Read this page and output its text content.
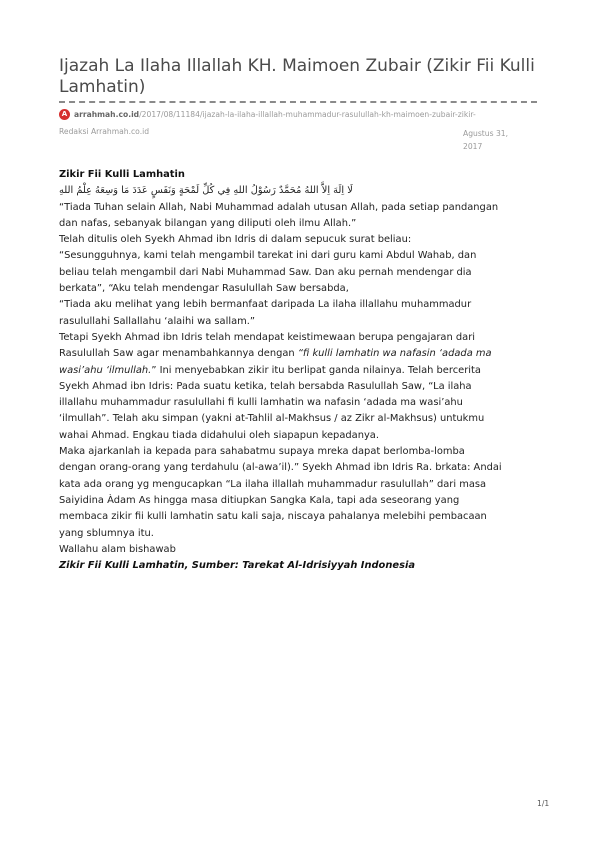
Ijazah La Ilaha Illallah KH. Maimoen Zubair (Zikir Fii Kulli Lamhatin)
A arrahmah.co.id /2017/08/11184/ijazah-la-ilaha-illallah-muhammadur-rasulullah-kh-maimoen-zubair-zikir-
Redaksi Arrahmah.co.id	Agustus 31,
2017

Zikir Fii Kulli Lamhatin

لَا اِلَهَ اِلاَّ اللهُ مُحَمَّدٌ رَسُوْلُ اللهِ فِي كُلِّ لَمْحَةٍ وَنَفَسٍ عَدَدَ مَا وَسِعَهُ عِلْمُ اللهِ

“Tiada Tuhan selain Allah, Nabi Muhammad adalah utusan Allah, pada setiap pandangan

dan nafas, sebanyak bilangan yang diliputi oleh ilmu Allah.”

Telah ditulis oleh Syekh Ahmad ibn Idris di dalam sepucuk surat beliau:

“Sesungguhnya, kami telah mengambil tarekat ini dari guru kami Abdul Wahab, dan

beliau telah mengambil dari Nabi Muhammad Saw. Dan aku pernah mendengar dia

berkata”, “Aku telah mendengar Rasulullah Saw bersabda,

“Tiada aku melihat yang lebih bermanfaat daripada La ilaha illallahu muhammadur

rasulullahi Sallallahu ‘alaihi wa sallam.”

Tetapi Syekh Ahmad ibn Idris telah mendapat keistimewaan berupa pengajaran dari

Rasulullah Saw agar menambahkannya dengan “fi kulli lamhatin wa nafasin ‘adada ma

wasi’ahu ‘ilmullah.” Ini menyebabkan zikir itu berlipat ganda nilainya. Telah bercerita

Syekh Ahmad ibn Idris: Pada suatu ketika, telah bersabda Rasulullah Saw, “La ilaha

illallahu muhammadur rasulullahi fi kulli lamhatin wa nafasin ‘adada ma wasi’ahu

‘ilmullah”. Telah aku simpan (yakni at-Tahlil al-Makhsus / az Zikr al-Makhsus) untukmu

wahai Ahmad. Engkau tiada didahului oleh siapapun kepadanya.

Maka ajarkanlah ia kepada para sahabatmu supaya mreka dapat berlomba-lomba

dengan orang-orang yang terdahulu (al-awa’il).” Syekh Ahmad ibn Idris Ra. brkata: Andai

kata ada orang yg mengucapkan “La ilaha illallah muhammadur rasulullah” dari masa

Saiyidina Àdam As hingga masa ditiupkan Sangka Kala, tapi ada seseorang yang

membaca zikir fii kulli lamhatin satu kali saja, niscaya pahalanya melebihi pembacaan

yang sblumnya itu.

Wallahu alam bishawab

Zikir Fii Kulli Lamhatin, Sumber: Tarekat Al-Idrisiyyah Indonesia

1/1
